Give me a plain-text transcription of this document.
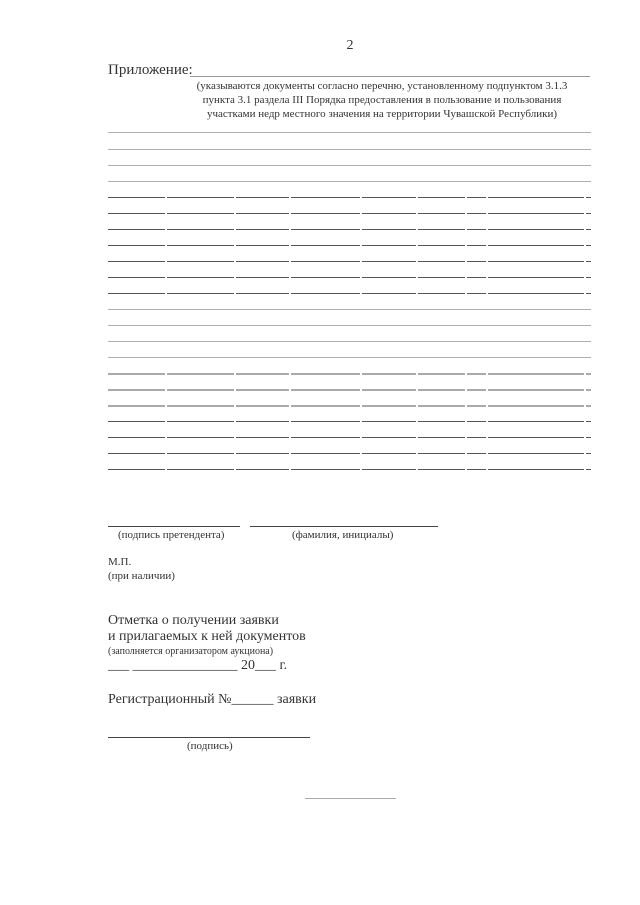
2
Приложение:
(указываются документы согласно перечню, установленному подпунктом 3.1.3
пункта 3.1 раздела III Порядка предоставления в пользование и пользования
участками недр местного значения на территории Чувашской Республики)
(подпись претендента)	(фамилия, инициалы)
М.П.
(при наличии)
Отметка о получении заявки
и прилагаемых к ней документов
(заполняется организатором аукциона)
___ _______________ 20___ г.
Регистрационный №______ заявки
(подпись)
